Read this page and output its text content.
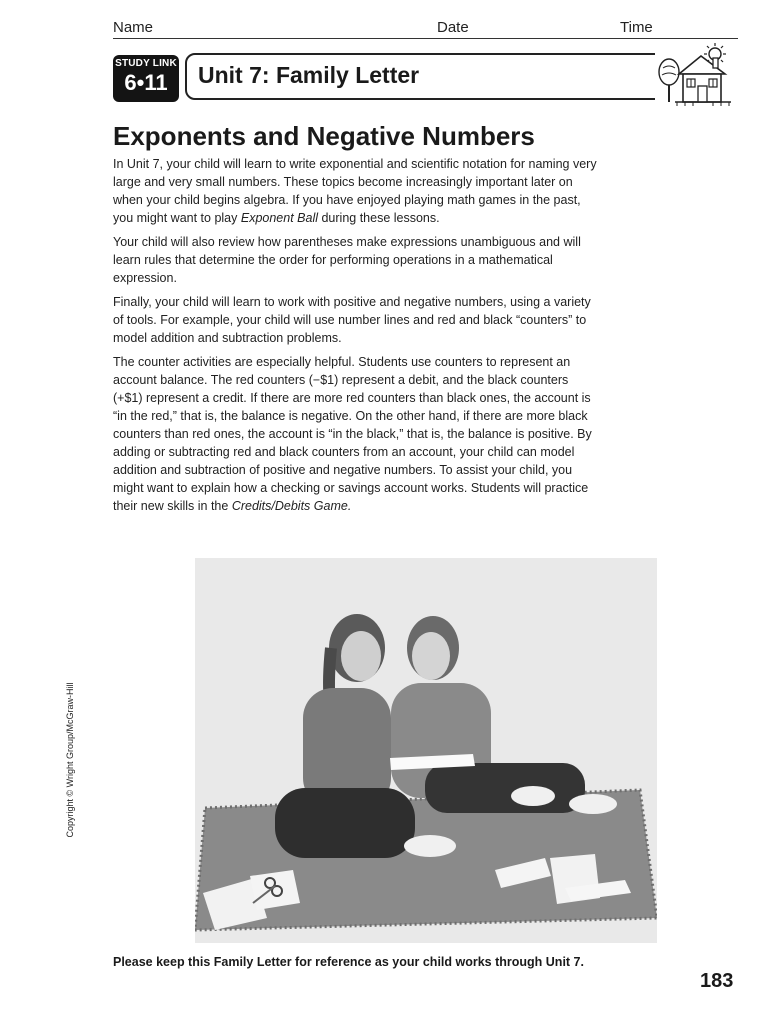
Name	Date	Time
STUDY LINK
6•11	Unit 7: Family Letter
Exponents and Negative Numbers

In Unit 7, your child will learn to write exponential and scientific notation for naming very large and very small numbers. These topics become increasingly important later on when your child begins algebra. If you have enjoyed playing math games in the past, you might want to play Exponent Ball during these lessons.

Your child will also review how parentheses make expressions unambiguous and will learn rules that determine the order for performing operations in a mathematical expression.

Finally, your child will learn to work with positive and negative numbers, using a variety of tools. For example, your child will use number lines and red and black “counters” to model addition and subtraction problems.

The counter activities are especially helpful. Students use counters to represent an account balance. The red counters (−$1) represent a debit, and the black counters (+$1) represent a credit. If there are more red counters than black ones, the account is “in the red,” that is, the balance is negative. On the other hand, if there are more black counters than red ones, the account is “in the black,” that is, the balance is positive. By adding or subtracting red and black counters from an account, your child can model addition and subtraction of positive and negative numbers. To assist your child, you might want to explain how a checking or savings account works. Students will practice their new skills in the Credits/Debits Game.

Copyright © Wright Group/McGraw-Hill
Please keep this Family Letter for reference as your child works through Unit 7.
183
